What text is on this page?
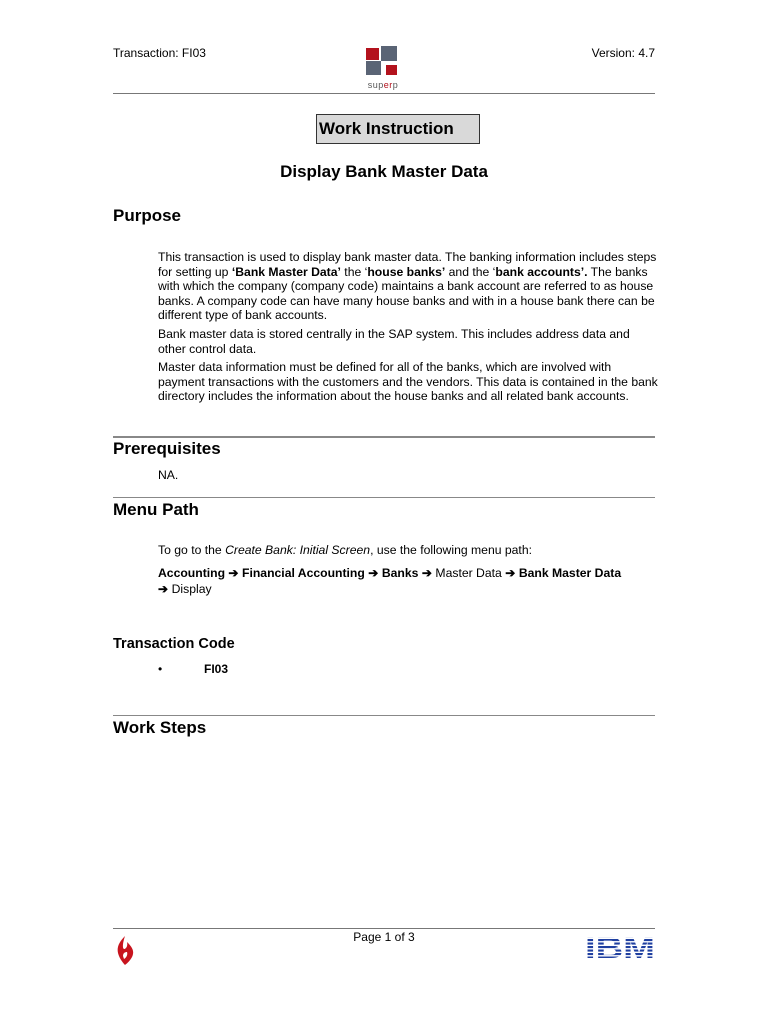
Transaction: FI03
superp
Version: 4.7
Work Instruction
Display Bank Master Data
Purpose

This transaction is used to display bank master data. The banking information includes steps for setting up ‘Bank Master Data’ the ‘house banks’ and the ‘bank accounts’. The banks with which the company (company code) maintains a bank account are referred to as house banks. A company code can have many house banks and with in a house bank there can be different type of bank accounts.

Bank master data is stored centrally in the SAP system. This includes address data and other control data.

Master data information must be defined for all of the banks, which are involved with payment transactions with the customers and the vendors. This data is contained in the bank directory includes the information about the house banks and all related bank accounts.

Prerequisites
NA.
Menu Path
To go to the Create Bank: Initial Screen, use the following menu path:
Accounting ➔ Financial Accounting ➔ Banks ➔ Master Data ➔ Bank Master Data
➔ Display
Transaction Code
•	FI03
Work Steps
Page 1 of 3
